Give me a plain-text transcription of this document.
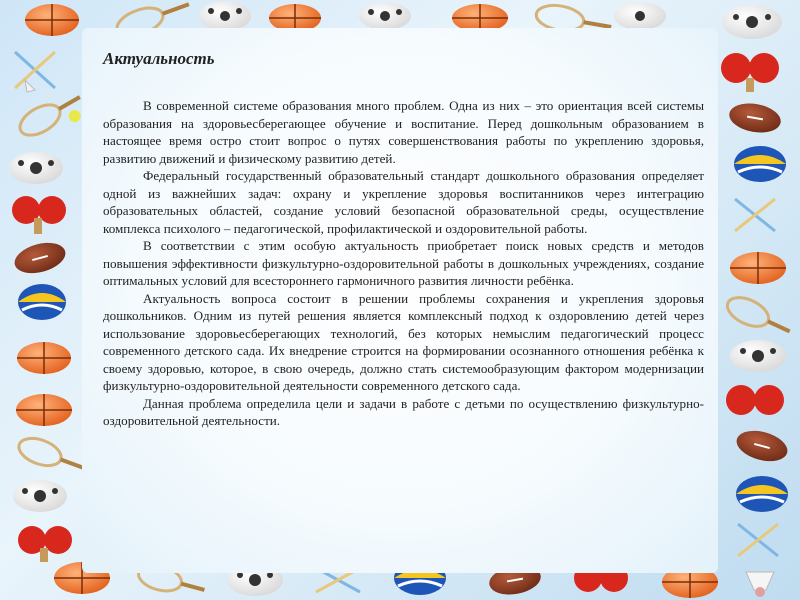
Актуальность

В современной системе образования много проблем. Одна из них – это ориентация всей системы образования на здоровьесберегающее обучение и воспитание. Перед дошкольным образованием в настоящее время остро стоит вопрос о путях совершенствования работы по укреплению здоровья, развитию движений и физическому развитию детей.

Федеральный государственный образовательный стандарт дошкольного образования определяет одной из важнейших задач: охрану и укрепление здоровья воспитанников через интеграцию образовательных областей, создание условий безопасной образовательной среды, осуществление комплекса психолого – педагогической, профилактической и оздоровительной работы.

В соответствии с этим особую актуальность приобретает поиск новых средств и методов повышения эффективности физкультурно-оздоровительной работы в дошкольных учреждениях, создание оптимальных условий для всестороннего гармоничного развития личности ребёнка.

Актуальность вопроса состоит в решении проблемы сохранения и укрепления здоровья дошкольников. Одним из путей решения является комплексный подход к оздоровлению детей через использование здоровьесберегающих технологий, без которых немыслим педагогический процесс современного детского сада. Их внедрение строится на формировании осознанного отношения ребёнка к своему здоровью, которое, в свою очередь, должно стать системообразующим фактором модернизации физкультурно-оздоровительной деятельности современного детского сада.

Данная проблема определила цели и задачи в работе с детьми по осуществлению физкультурно-оздоровительной деятельности.
